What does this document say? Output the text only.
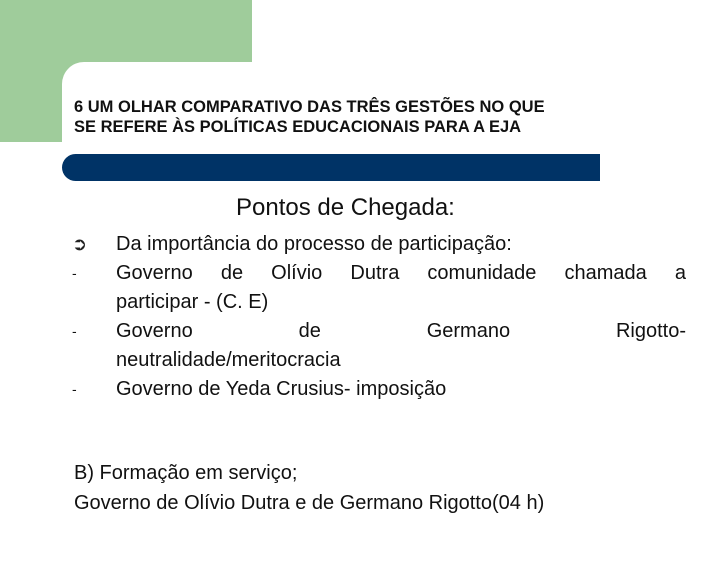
6 UM OLHAR COMPARATIVO DAS TRÊS GESTÕES NO QUE
SE REFERE ÀS POLÍTICAS EDUCACIONAIS PARA A EJA
Pontos de Chegada:
➲	Da importância do processo de participação:
-	Governo de Olívio Dutra comunidade chamada a
participar - (C. E)
-	Governo de Germano Rigotto-
neutralidade/meritocracia
-	Governo de Yeda Crusius- imposição
B) Formação em serviço;
Governo de Olívio Dutra e de Germano Rigotto(04 h)
